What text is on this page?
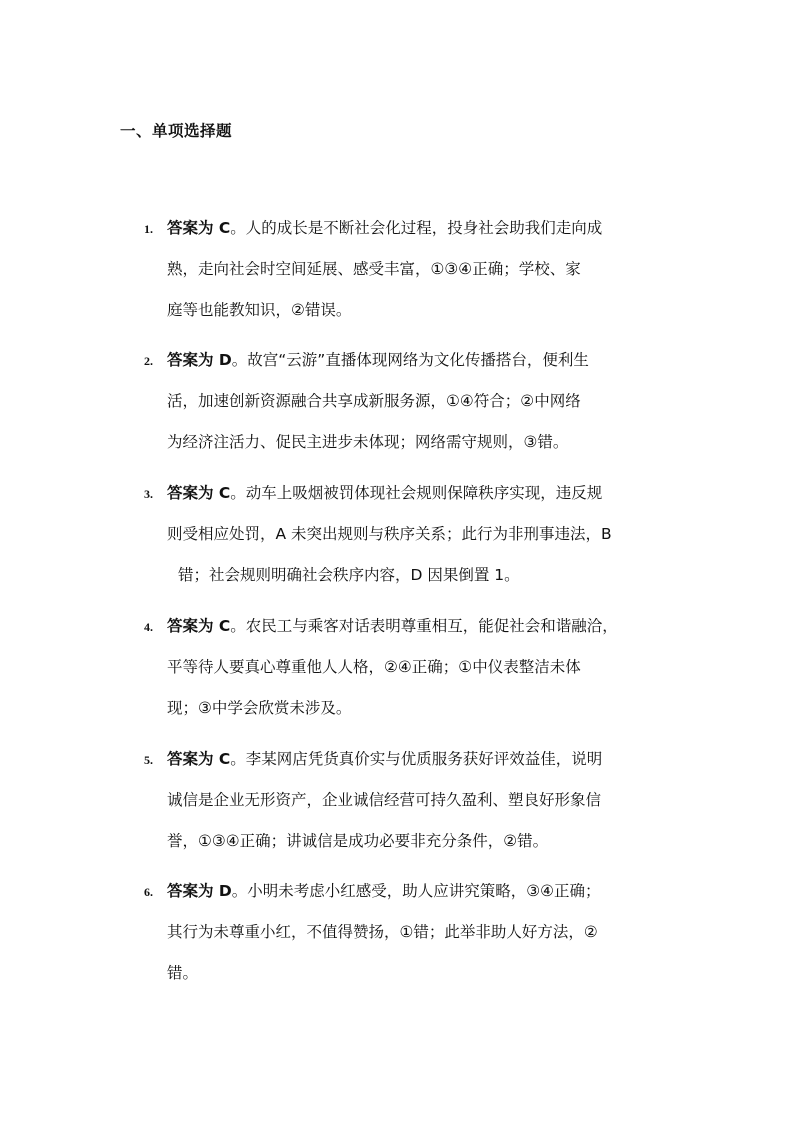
一、单项选择题
1. 答案为 C。人的成长是不断社会化过程，投身社会助我们走向成
熟，走向社会时空间延展、感受丰富，①③④正确；学校、家
庭等也能教知识，②错误。
2. 答案为 D。故宫“云游”直播体现网络为文化传播搭台，便利生
活，加速创新资源融合共享成新服务源，①④符合；②中网络
为经济注活力、促民主进步未体现；网络需守规则，③错。
3. 答案为 C。动车上吸烟被罚体现社会规则保障秩序实现，违反规
则受相应处罚，A 未突出规则与秩序关系；此行为非刑事违法，B
错；社会规则明确社会秩序内容，D 因果倒置 1。
4. 答案为 C。农民工与乘客对话表明尊重相互，能促社会和谐融洽，
平等待人要真心尊重他人人格，②④正确；①中仪表整洁未体
现；③中学会欣赏未涉及。
5. 答案为 C。李某网店凭货真价实与优质服务获好评效益佳，说明
诚信是企业无形资产，企业诚信经营可持久盈利、塑良好形象信
誉，①③④正确；讲诚信是成功必要非充分条件，②错。
6. 答案为 D。小明未考虑小红感受，助人应讲究策略，③④正确；
其行为未尊重小红，不值得赞扬，①错；此举非助人好方法，②
错。
